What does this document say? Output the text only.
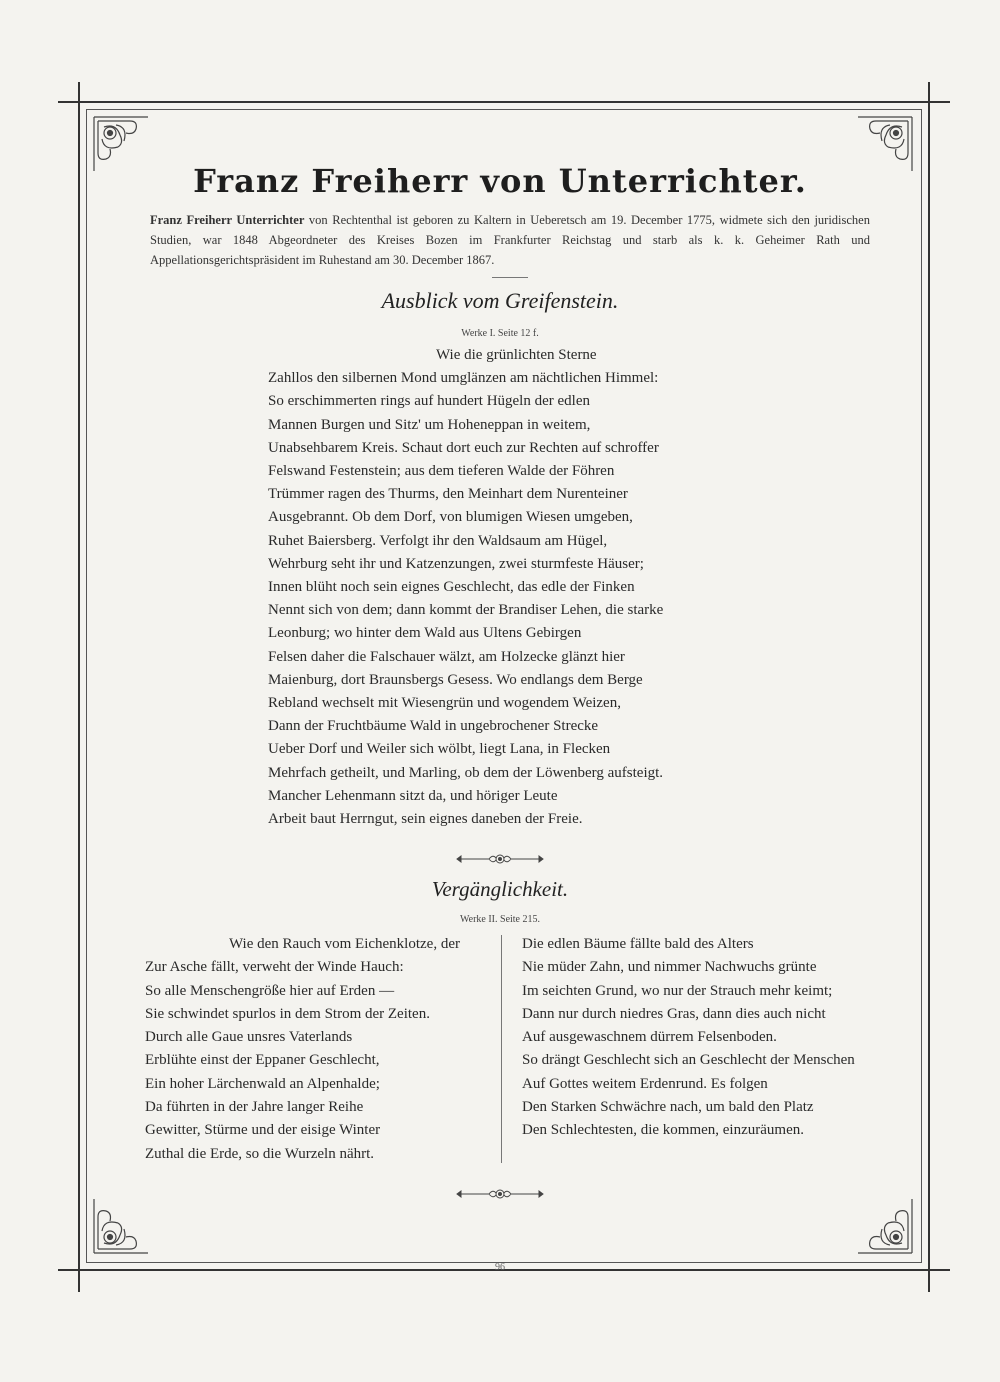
Franz Freiherr von Unterrichter.
Franz Freiherr Unterrichter von Rechtenthal ist geboren zu Kaltern in Ueberetsch am 19. December 1775, widmete sich den juridischen Studien, war 1848 Abgeordneter des Kreises Bozen im Frankfurter Reichstag und starb als k. k. Geheimer Rath und Appellationsgerichtspräsident im Ruhestand am 30. December 1867.
Ausblick vom Greifenstein.
Werke I. Seite 12 f.
Wie die grünlichten Sterne
Zahllos den silbernen Mond umglänzen am nächtlichen Himmel:
So erschimmerten rings auf hundert Hügeln der edlen
Mannen Burgen und Sitz' um Hoheneppan in weitem,
Unabsehbarem Kreis. Schaut dort euch zur Rechten auf schroffer
Felswand Festenstein; aus dem tieferen Walde der Föhren
Trümmer ragen des Thurms, den Meinhart dem Nurenteiner
Ausgebrannt. Ob dem Dorf, von blumigen Wiesen umgeben,
Ruhet Baiersberg. Verfolgt ihr den Waldsaum am Hügel,
Wehrburg seht ihr und Katzenzungen, zwei sturmfeste Häuser;
Innen blüht noch sein eignes Geschlecht, das edle der Finken
Nennt sich von dem; dann kommt der Brandiser Lehen, die starke
Leonburg; wo hinter dem Wald aus Ultens Gebirgen
Felsen daher die Falschauer wälzt, am Holzecke glänzt hier
Maienburg, dort Braunsbergs Gesess. Wo endlangs dem Berge
Rebland wechselt mit Wiesengrün und wogendem Weizen,
Dann der Fruchtbäume Wald in ungebrochener Strecke
Ueber Dorf und Weiler sich wölbt, liegt Lana, in Flecken
Mehrfach getheilt, und Marling, ob dem der Löwenberg aufsteigt.
Mancher Lehenmann sitzt da, und höriger Leute
Arbeit baut Herrngut, sein eignes daneben der Freie.
Vergänglichkeit.
Werke II. Seite 215.
Wie den Rauch vom Eichenklotze, der
Zur Asche fällt, verweht der Winde Hauch:
So alle Menschengröße hier auf Erden —
Sie schwindet spurlos in dem Strom der Zeiten.
Durch alle Gaue unsres Vaterlands
Erblühte einst der Eppaner Geschlecht,
Ein hoher Lärchenwald an Alpenhalde;
Da führten in der Jahre langer Reihe
Gewitter, Stürme und der eisige Winter
Zuthal die Erde, so die Wurzeln nährt.
Die edlen Bäume fällte bald des Alters
Nie müder Zahn, und nimmer Nachwuchs grünte
Im seichten Grund, wo nur der Strauch mehr keimt;
Dann nur durch niedres Gras, dann dies auch nicht
Auf ausgewaschnem dürrem Felsenboden.
So drängt Geschlecht sich an Geschlecht der Menschen
Auf Gottes weitem Erdenrund. Es folgen
Den Starken Schwächre nach, um bald den Platz
Den Schlechtesten, die kommen, einzuräumen.
96
